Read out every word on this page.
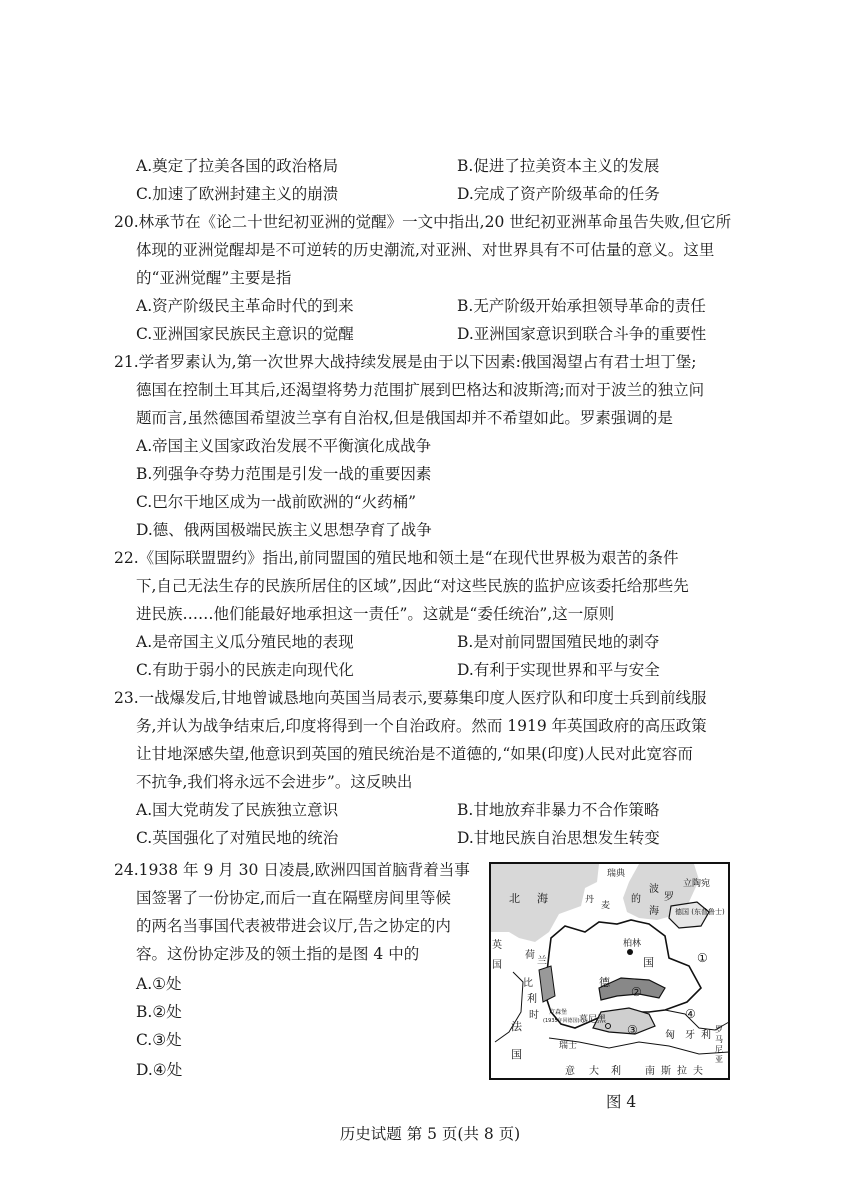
A.奠定了拉美各国的政治格局	B.促进了拉美资本主义的发展
C.加速了欧洲封建主义的崩溃	D.完成了资产阶级革命的任务
20.林承节在《论二十世纪初亚洲的觉醒》一文中指出,20 世纪初亚洲革命虽告失败,但它所
体现的亚洲觉醒却是不可逆转的历史潮流,对亚洲、对世界具有不可估量的意义。这里
的“亚洲觉醒”主要是指
A.资产阶级民主革命时代的到来	B.无产阶级开始承担领导革命的责任
C.亚洲国家民族民主意识的觉醒	D.亚洲国家意识到联合斗争的重要性
21.学者罗素认为,第一次世界大战持续发展是由于以下因素:俄国渴望占有君士坦丁堡;
德国在控制土耳其后,还渴望将势力范围扩展到巴格达和波斯湾;而对于波兰的独立问
题而言,虽然德国希望波兰享有自治权,但是俄国却并不希望如此。罗素强调的是
A.帝国主义国家政治发展不平衡演化成战争
B.列强争夺势力范围是引发一战的重要因素
C.巴尔干地区成为一战前欧洲的“火药桶”
D.德、俄两国极端民族主义思想孕育了战争
22.《国际联盟盟约》指出,前同盟国的殖民地和领土是“在现代世界极为艰苦的条件
下,自己无法生存的民族所居住的区域”,因此“对这些民族的监护应该委托给那些先
进民族……他们能最好地承担这一责任”。这就是“委任统治”,这一原则
A.是帝国主义瓜分殖民地的表现	B.是对前同盟国殖民地的剥夺
C.有助于弱小的民族走向现代化	D.有利于实现世界和平与安全
23.一战爆发后,甘地曾诚恳地向英国当局表示,要募集印度人医疗队和印度士兵到前线服
务,并认为战争结束后,印度将得到一个自治政府。然而 1919 年英国政府的高压政策
让甘地深感失望,他意识到英国的殖民统治是不道德的,“如果(印度)人民对此宽容而
不抗争,我们将永远不会进步”。这反映出
A.国大党萌发了民族独立意识	B.甘地放弃非暴力不合作策略
C.英国强化了对殖民地的统治	D.甘地民族自治思想发生转变
24.1938 年 9 月 30 日凌晨,欧洲四国首脑背着当事
国签署了一份协定,而后一直在隔壁房间里等候
的两名当事国代表被带进会议厅,告之协定的内
容。这份协定涉及的领土指的是图 4 中的
A.①处
B.②处
C.③处
D.④处
北 海
瑞典
丹
麦
波
罗
的
海
立陶宛
德国 (东普鲁士)
柏林
德
国
英
国
荷
兰
比
利
时 卢森堡
(1935年回德国)
法
国
慕尼黑
瑞士
意 大 利
匈 牙 利
南 斯 拉 夫
罗
马
尼
亚
①
②
③
④
图 4
历史试题 第 5 页(共 8 页)
